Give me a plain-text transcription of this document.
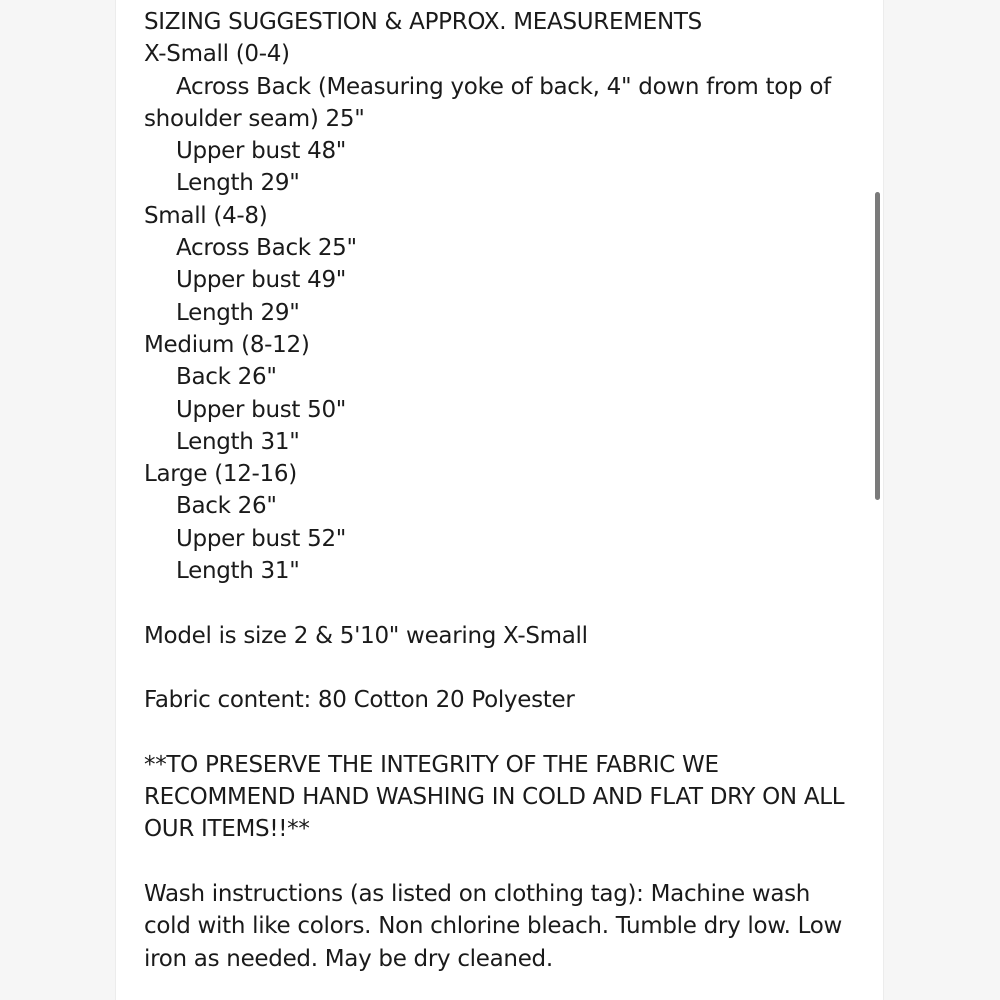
SIZING SUGGESTION & APPROX. MEASUREMENTS

X-Small (0-4)

Across Back (Measuring yoke of back, 4" down from top of shoulder seam) 25"

Upper bust 48"

Length 29"

Small (4-8)

Across Back 25"

Upper bust 49"

Length 29"

Medium (8-12)

Back 26"

Upper bust 50"

Length 31"

Large (12-16)

Back 26"

Upper bust 52"

Length 31"

Model is size 2 & 5'10" wearing X-Small

Fabric content: 80 Cotton 20 Polyester

**TO PRESERVE THE INTEGRITY OF THE FABRIC WE RECOMMEND HAND WASHING IN COLD AND FLAT DRY ON ALL OUR ITEMS!!**

Wash instructions (as listed on clothing tag): Machine wash cold with like colors. Non chlorine bleach. Tumble dry low. Low iron as needed. May be dry cleaned.
